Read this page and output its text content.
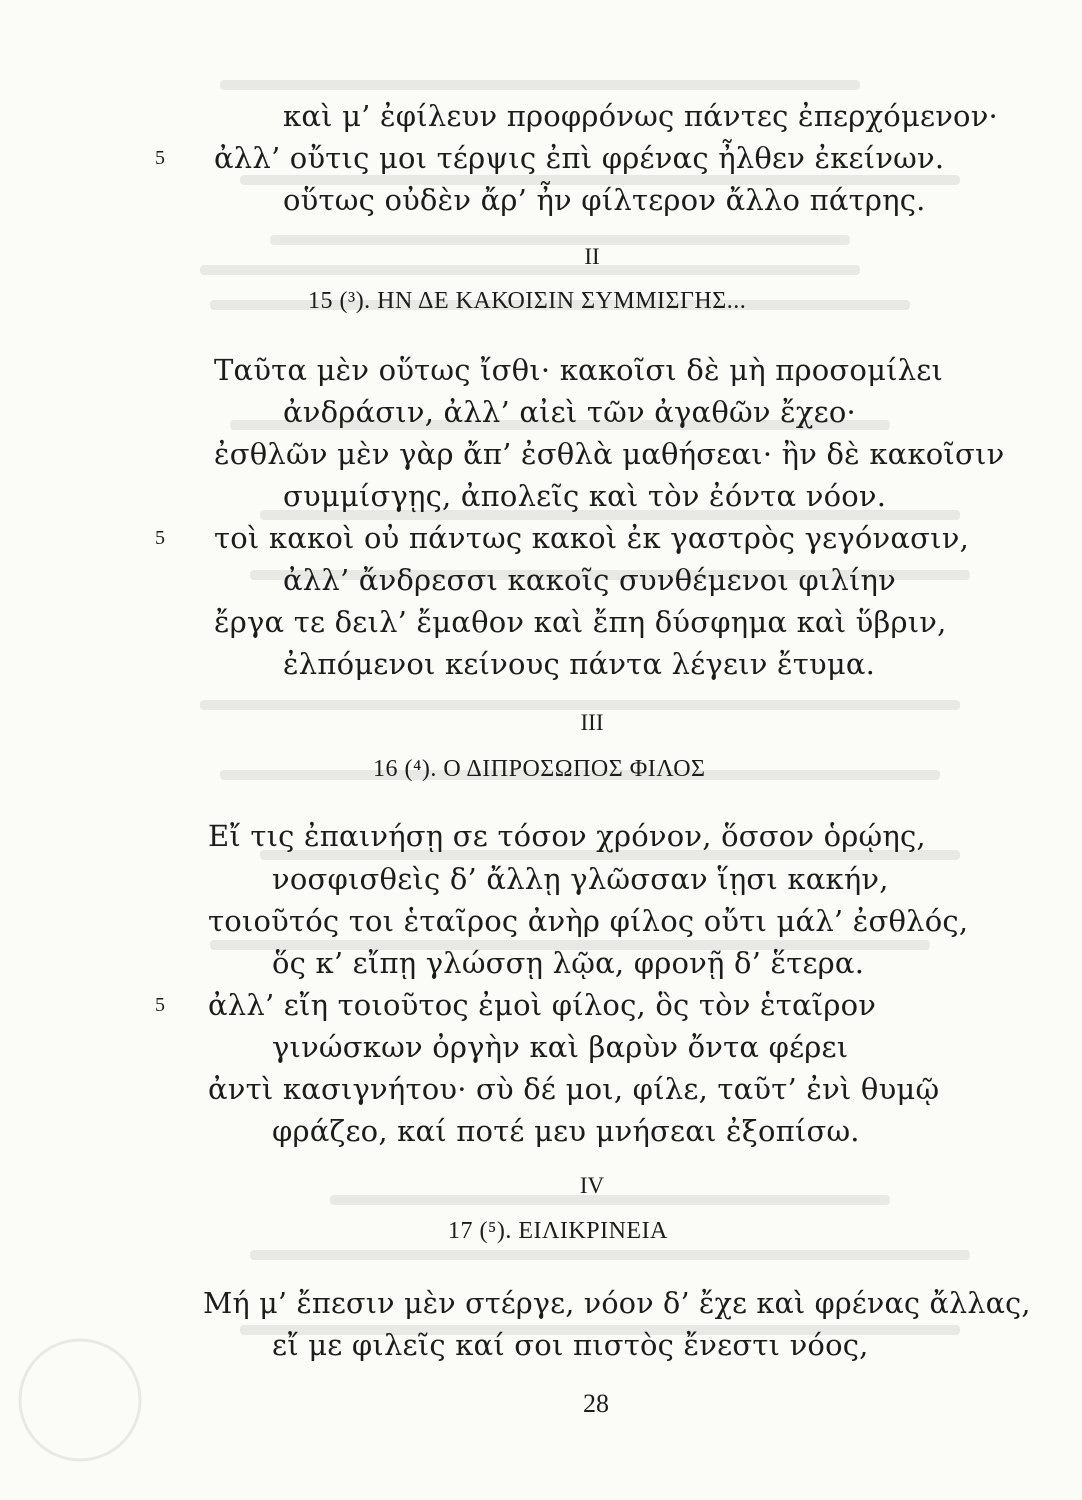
καὶ μ’ ἐφίλευν προφρόνως πάντες ἐπερχόμενον·
5 ἀλλ’ οὔτις μοι τέρψις ἐπὶ φρένας ἦλθεν ἐκείνων.
οὕτως οὐδὲν ἄρ’ ἦν φίλτερον ἄλλο πάτρης.
II
15 (³). ΗΝ ΔΕ ΚΑΚΟΙΣΙΝ ΣΥΜΜΙΣΓΗΣ...
Ταῦτα μὲν οὕτως ἴσθι· κακοῖσι δὲ μὴ προσομίλει
ἀνδράσιν, ἀλλ’ αἰεὶ τῶν ἀγαθῶν ἔχεο·
ἐσθλῶν μὲν γὰρ ἄπ’ ἐσθλὰ μαθήσεαι· ἢν δὲ κακοῖσιν
συμμίσγῃς, ἀπολεῖς καὶ τὸν ἐόντα νόον.
5 τοὶ κακοὶ οὐ πάντως κακοὶ ἐκ γαστρὸς γεγόνασιν,
ἀλλ’ ἄνδρεσσι κακοῖς συνθέμενοι φιλίην
ἔργα τε δειλ’ ἔμαθον καὶ ἔπη δύσφημα καὶ ὕβριν,
ἐλπόμενοι κείνους πάντα λέγειν ἔτυμα.
III
16 (⁴). Ο ΔΙΠΡΟΣΩΠΟΣ ΦΙΛΟΣ
Εἴ τις ἐπαινήσῃ σε τόσον χρόνον, ὅσσον ὁρῴης,
νοσφισθεὶς δ’ ἄλλῃ γλῶσσαν ἵῃσι κακήν,
τοιοῦτός τοι ἑταῖρος ἀνὴρ φίλος οὔτι μάλ’ ἐσθλός,
ὅς κ’ εἴπῃ γλώσσῃ λῷα, φρονῇ δ’ ἕτερα.
5 ἀλλ’ εἴη τοιοῦτος ἐμοὶ φίλος, ὃς τὸν ἑταῖρον
γινώσκων ὀργὴν καὶ βαρὺν ὄντα φέρει
ἀντὶ κασιγνήτου· σὺ δέ μοι, φίλε, ταῦτ’ ἐνὶ θυμῷ
φράζεο, καί ποτέ μευ μνήσεαι ἐξοπίσω.
IV
17 (⁵). ΕΙΛΙΚΡΙΝΕΙΑ
Μή μ’ ἔπεσιν μὲν στέργε, νόον δ’ ἔχε καὶ φρένας ἄλλας,
εἴ με φιλεῖς καί σοι πιστὸς ἔνεστι νόος,
28
